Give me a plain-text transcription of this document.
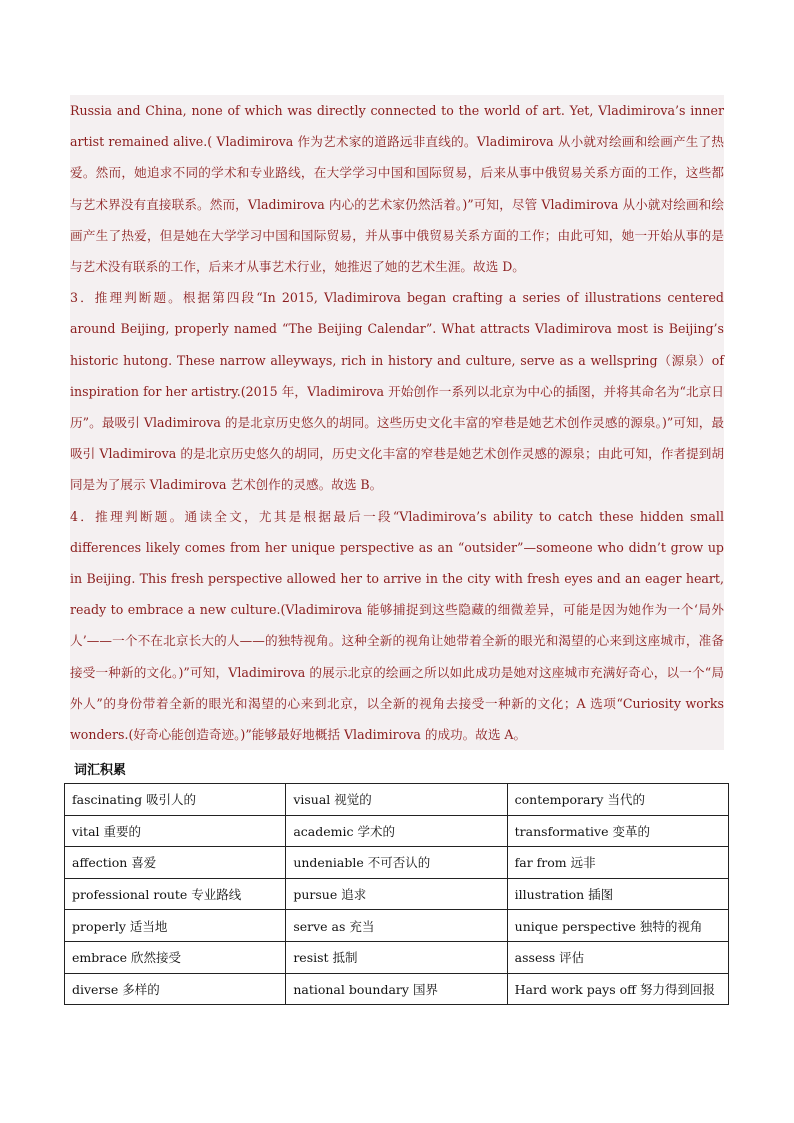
Russia and China, none of which was directly connected to the world of art. Yet, Vladimirova’s inner artist remained alive.( Vladimirova 作为艺术家的道路远非直线的。Vladimirova 从小就对绘画和绘画产生了热爱。然而，她追求不同的学术和专业路线，在大学学习中国和国际贸易，后来从事中俄贸易关系方面的工作，这些都与艺术界没有直接联系。然而，Vladimirova 内心的艺术家仍然活着。)”可知，尽管 Vladimirova 从小就对绘画和绘画产生了热爱，但是她在大学学习中国和国际贸易，并从事中俄贸易关系方面的工作；由此可知，她一开始从事的是与艺术没有联系的工作，后来才从事艺术行业，她推迟了她的艺术生涯。故选 D。

3．推理判断题。根据第四段“In 2015, Vladimirova began crafting a series of illustrations centered around Beijing, properly named “The Beijing Calendar”. What attracts Vladimirova most is Beijing’s historic hutong. These narrow alleyways, rich in history and culture, serve as a wellspring（源泉）of inspiration for her artistry.(2015 年，Vladimirova 开始创作一系列以北京为中心的插图，并将其命名为“北京日历”。最吸引 Vladimirova 的是北京历史悠久的胡同。这些历史文化丰富的窄巷是她艺术创作灵感的源泉。)”可知，最吸引 Vladimirova 的是北京历史悠久的胡同，历史文化丰富的窄巷是她艺术创作灵感的源泉；由此可知，作者提到胡同是为了展示 Vladimirova 艺术创作的灵感。故选 B。

4．推理判断题。通读全文，尤其是根据最后一段“Vladimirova’s ability to catch these hidden small differences likely comes from her unique perspective as an “outsider”—someone who didn’t grow up in Beijing. This fresh perspective allowed her to arrive in the city with fresh eyes and an eager heart, ready to embrace a new culture.(Vladimirova 能够捕捉到这些隐藏的细微差异，可能是因为她作为一个‘局外人’——一个不在北京长大的人——的独特视角。这种全新的视角让她带着全新的眼光和渴望的心来到这座城市，准备接受一种新的文化。)”可知，Vladimirova 的展示北京的绘画之所以如此成功是她对这座城市充满好奇心，以一个“局外人”的身份带着全新的眼光和渴望的心来到北京，以全新的视角去接受一种新的文化；A 选项“Curiosity works wonders.(好奇心能创造奇迹。)”能够最好地概括 Vladimirova 的成功。故选 A。

词汇积累
fascinating 吸引人的	visual 视觉的	contemporary 当代的
vital 重要的	academic 学术的	transformative 变革的
affection 喜爱	undeniable 不可否认的	far from 远非
professional route 专业路线	pursue 追求	illustration 插图
properly 适当地	serve as 充当	unique perspective 独特的视角
embrace 欣然接受	resist 抵制	assess 评估
diverse 多样的	national boundary 国界	Hard work pays off 努力得到回报
